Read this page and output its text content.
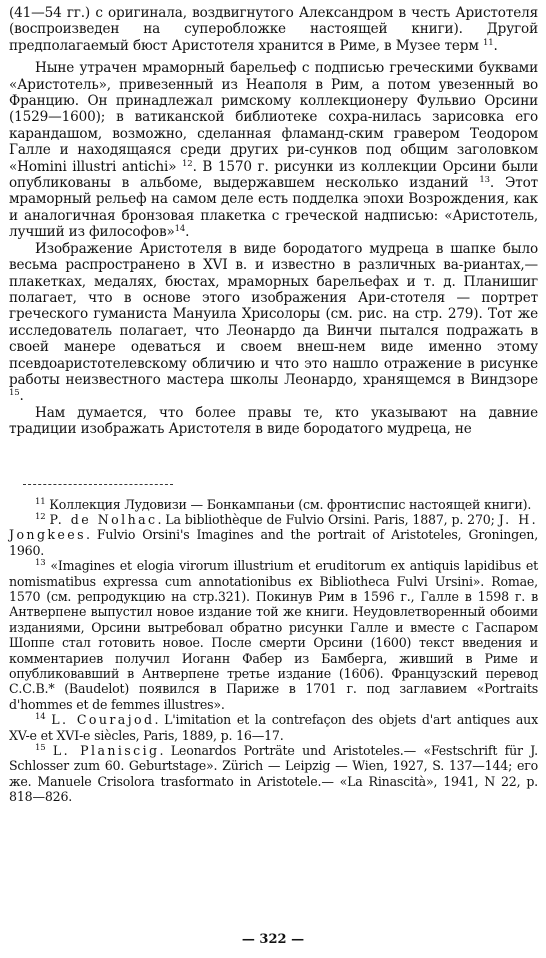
(41—54 гг.) с оригинала, воздвигнутого Александром в честь Аристотеля (воспроизведен на суперобложке настоящей книги). Другой предполагаемый бюст Аристотеля хранится в Риме, в Музее терм $^{11}$.

Ныне утрачен мраморный барельеф с подписью греческими буквами «Аристотель», привезенный из Неаполя в Рим, а потом увезенный во Францию. Он принадлежал римскому коллекционеру Фульвио Орсини (1529—1600); в ватиканской библиотеке сохра-нилась зарисовка его карандашом, возможно, сделанная фламанд-ским гравером Теодором Галле и находящаяся среди других ри-сунков под общим заголовком «Homini illustri antichi» $^{12}$. В 1570 г. рисунки из коллекции Орсини были опубликованы в альбоме, выдержавшем несколько изданий $^{13}$. Этот мраморный рельеф на самом деле есть подделка эпохи Возрождения, как и аналогичная бронзовая плакетка с греческой надписью: «Аристотель, лучший из философов»$^{14}$.

Изображение Аристотеля в виде бородатого мудреца в шапке было весьма распространено в XVI в. и известно в различных ва-риантах,— плакетках, медалях, бюстах, мраморных барельефах и т. д. Планишиг полагает, что в основе этого изображения Ари-стотеля — портрет греческого гуманиста Мануила Хрисолоры (см. рис. на стр. 279). Тот же исследователь полагает, что Леонардо да Винчи пытался подражать в своей манере одеваться и своем внеш-нем виде именно этому псевдоаристотелевскому обличию и что это нашло отражение в рисунке работы неизвестного мастера школы Леонардо, хранящемся в Виндзоре $^{15}$.

Нам думается, что более правы те, кто указывают на давние традиции изображать Аристотеля в виде бородатого мудреца, не

$^{11}$ Коллекция Лудовизи — Бонкампаньи (см. фронтиспис настоящей книги).

$^{12}$ P. de Nolhac. La bibliothèque de Fulvio Orsini. Paris, 1887, p. 270; J. H. Jongkees. Fulvio Orsini's Imagines and the portrait of Aristoteles, Groningen, 1960.

$^{13}$ «Imagines et elogia virorum illustrium et eruditorum ex antiquis lapidibus et nomismatibus expressa cum annotationibus ex Bibliotheca Fulvi Ursini». Romae, 1570 (см. репродукцию на стр.321). Покинув Рим в 1596 г., Галле в 1598 г. в Антверпене выпустил новое издание той же книги. Неудовлетворенный обоими изданиями, Орсини вытребовал обратно рисунки Галле и вместе с Гаспаром Шоппе стал готовить новое. После смерти Орсини (1600) текст введения и комментариев получил Иоганн Фабер из Бамберга, живший в Риме и опубликовавший в Антверпене третье издание (1606). Французский перевод С.С.В.* (Baudelot) появился в Париже в 1701 г. под заглавием «Portraits d'hommes et de femmes illustres».

$^{14}$ L. Courajod. L'imitation et la contrefaçon des objets d'art antiques aux XV-e et XVI-e siècles, Paris, 1889, p. 16—17.

$^{15}$ L. Planiscig. Leonardos Porträte und Aristoteles.— «Festschrift für J. Schlosser zum 60. Geburtstage». Zürich — Leipzig — Wien, 1927, S. 137—144; его же. Manuele Crisolora trasformato in Aristotele.— «La Rinascità», 1941, N 22, p. 818—826.

— 322 —
